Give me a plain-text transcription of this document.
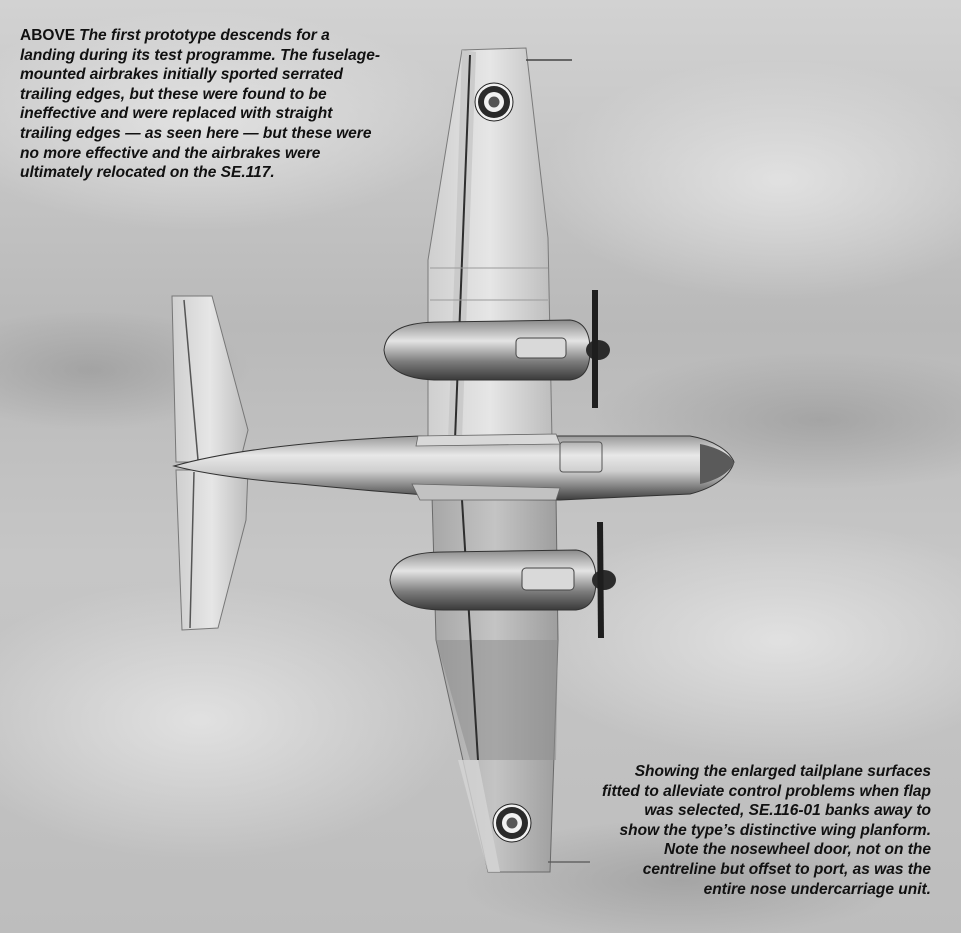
ABOVE The first prototype descends for a landing during its test programme. The fuselage-mounted airbrakes initially sported serrated trailing edges, but these were found to be ineffective and were replaced with straight trailing edges — as seen here — but these were no more effective and the airbrakes were ultimately relocated on the SE.117.

Showing the enlarged tailplane surfaces fitted to alleviate control problems when flap was selected, SE.116-01 banks away to show the type’s distinctive wing planform. Note the nosewheel door, not on the centreline but offset to port, as was the entire nose undercarriage unit.
